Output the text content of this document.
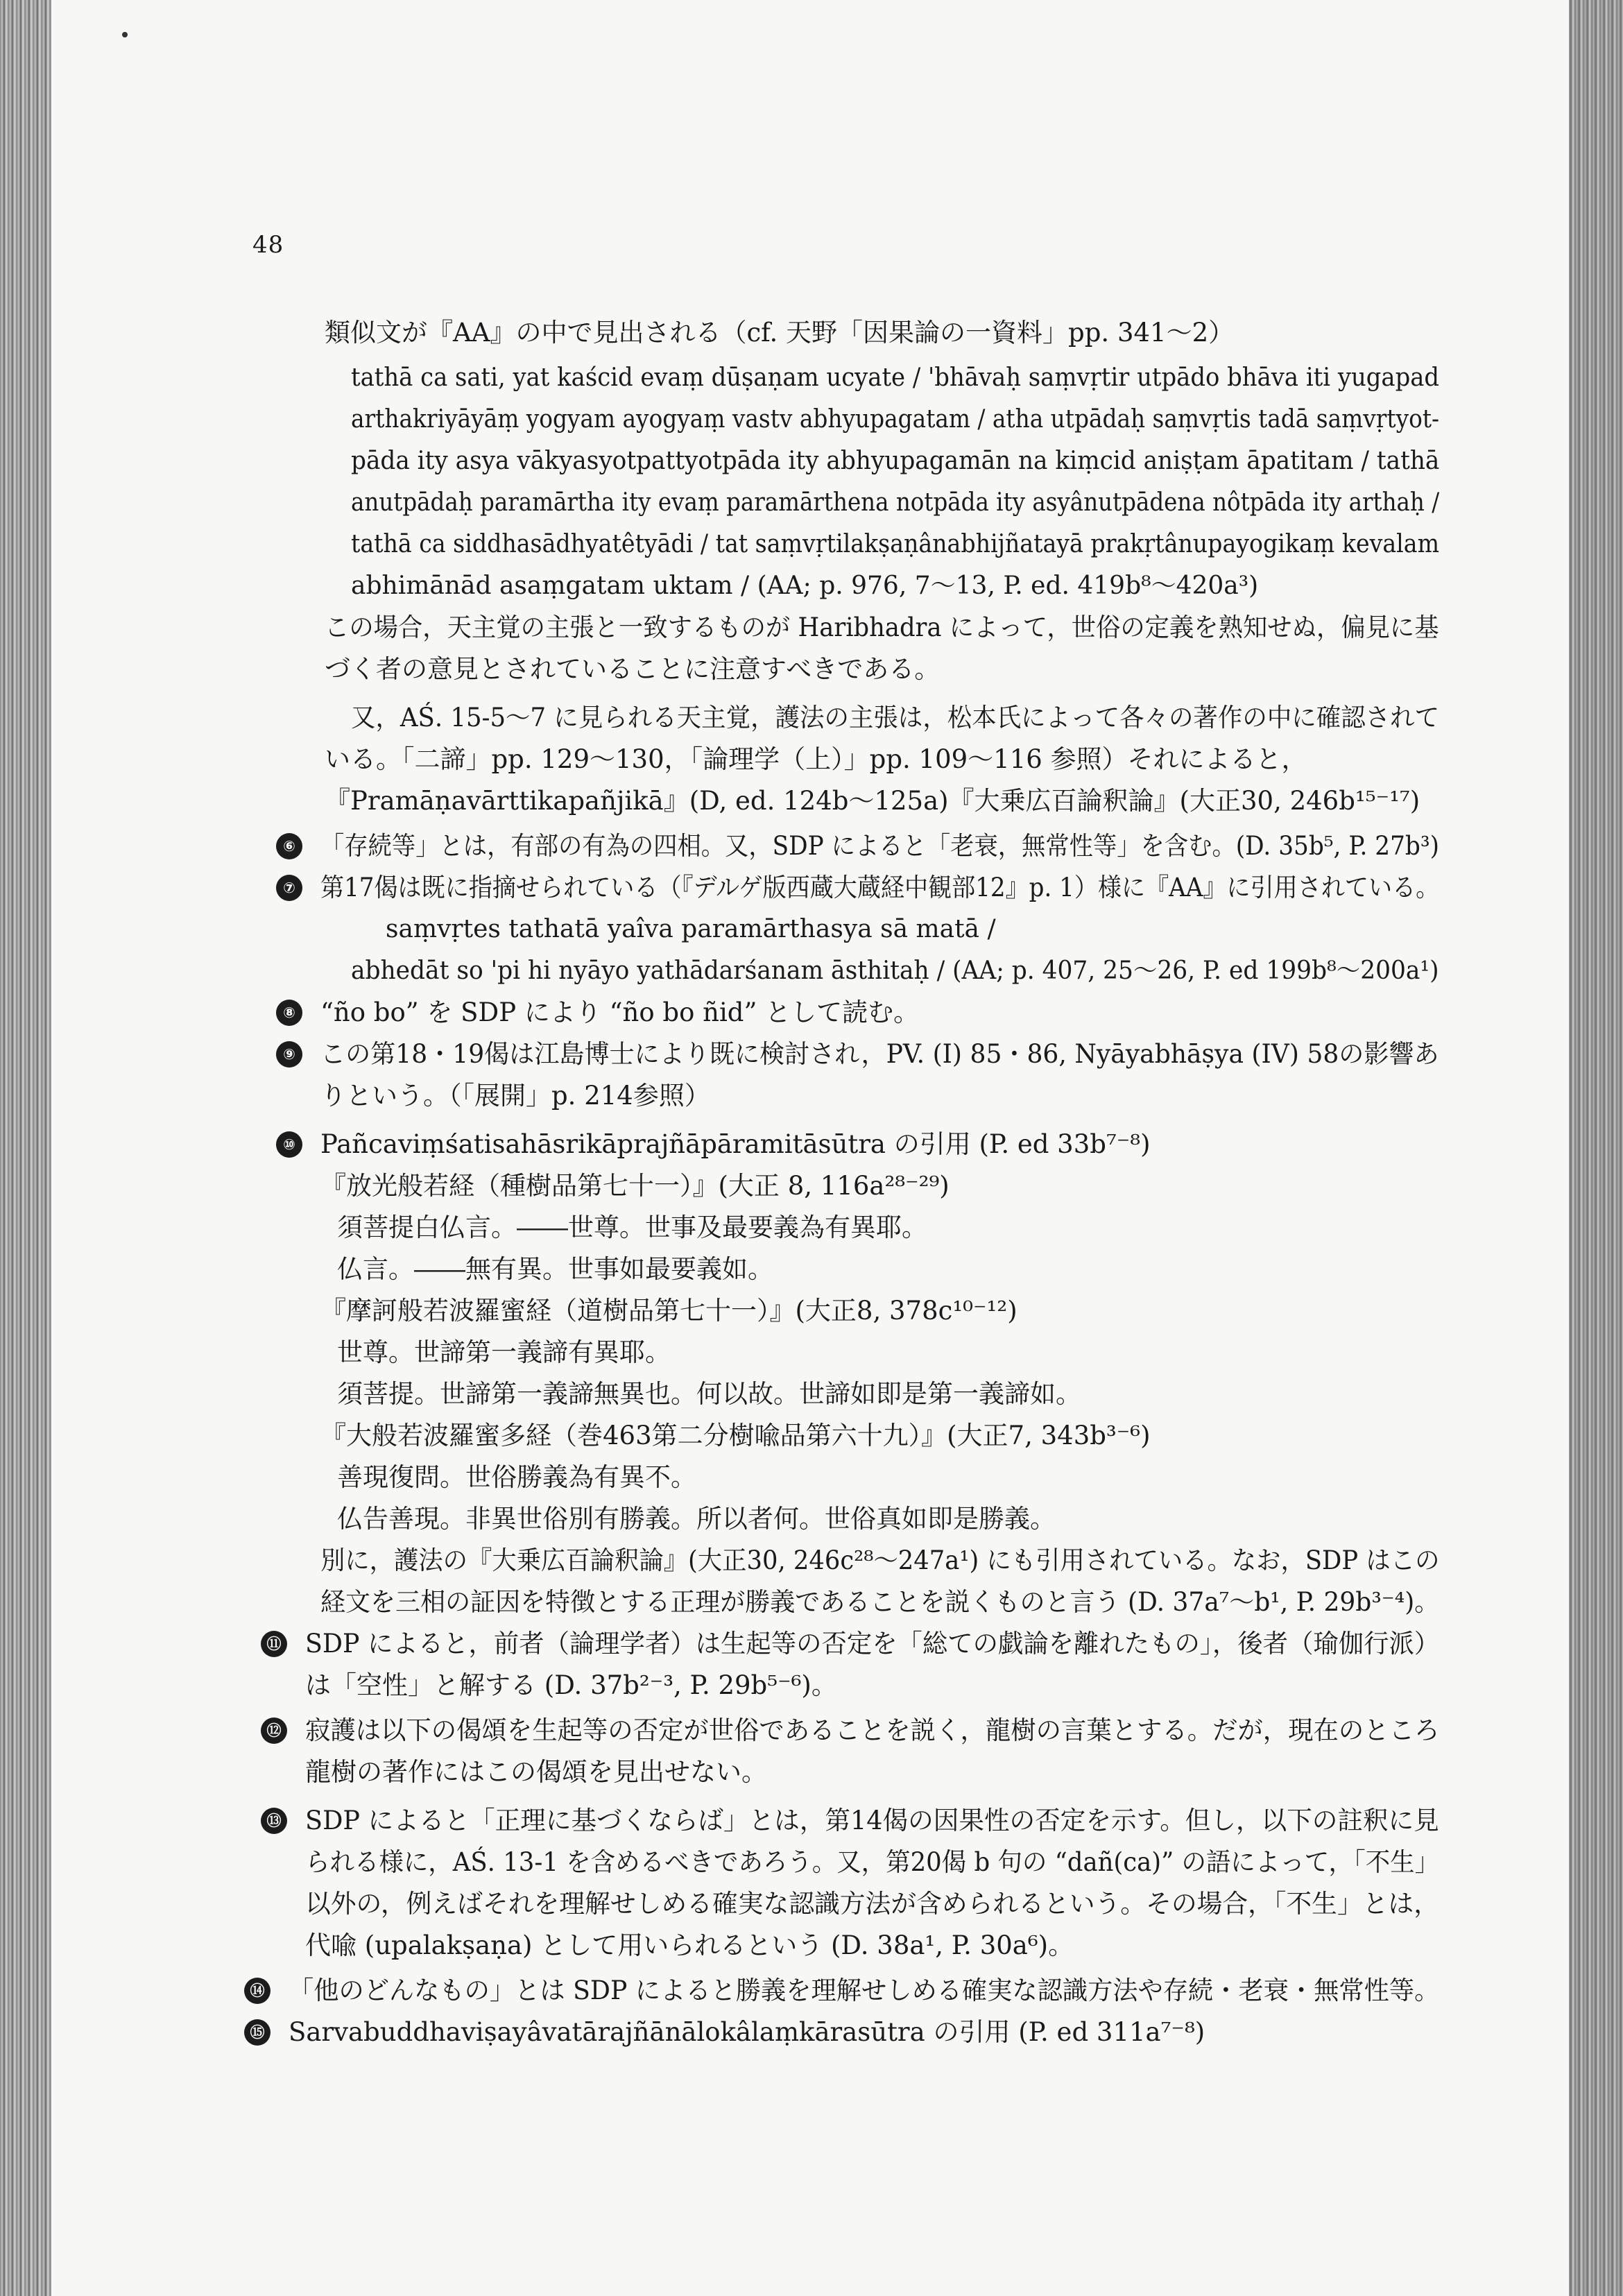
48
類似文が『AA』の中で見出される（cf. 天野「因果論の一資料」pp. 341〜2）
tathā ca sati, yat kaścid evaṃ dūṣaṇam ucyate / 'bhāvaḥ saṃvṛtir utpādo bhāva iti yugapad
arthakriyāyāṃ yogyam ayogyaṃ vastv abhyupagatam / atha utpādaḥ saṃvṛtis tadā saṃvṛtyot-
pāda ity asya vākyasyotpattyotpāda ity abhyupagamān na kiṃcid aniṣṭam āpatitam / tathā
anutpādaḥ paramārtha ity evaṃ paramārthena notpāda ity asyânutpādena nôtpāda ity arthaḥ /
tathā ca siddhasādhyatêtyādi / tat saṃvṛtilakṣaṇânabhijñatayā prakṛtânupayogikaṃ kevalam
abhimānād asaṃgatam uktam / (AA; p. 976, 7〜13, P. ed. 419b⁸〜420a³)
この場合，天主覚の主張と一致するものが Haribhadra によって，世俗の定義を熟知せぬ，偏見に基
づく者の意見とされていることに注意すべきである。
又，AŚ. 15-5〜7 に見られる天主覚，護法の主張は，松本氏によって各々の著作の中に確認されて
いる。「二諦」pp. 129〜130，「論理学（上）」pp. 109〜116 参照）それによると，
『Pramāṇavārttikapañjikā』(D, ed. 124b〜125a)『大乗広百論釈論』(大正30, 246b¹⁵⁻¹⁷)
⑥ 「存続等」とは，有部の有為の四相。又，SDP によると「老衰，無常性等」を含む。(D. 35b⁵, P. 27b³)
⑦ 第17偈は既に指摘せられている（『デルゲ版西蔵大蔵経中観部12』p. 1）様に『AA』に引用されている。
saṃvṛtes tathatā yaîva paramārthasya sā matā /
abhedāt so 'pi hi nyāyo yathādarśanam āsthitaḥ / (AA; p. 407, 25〜26, P. ed 199b⁸〜200a¹)
⑧ “ño bo” を SDP により “ño bo ñid” として読む。
⑨ この第18・19偈は江島博士により既に検討され，PV. (I) 85・86, Nyāyabhāṣya (IV) 58の影響あ
りという。（「展開」p. 214参照）
⑩ Pañcaviṃśatisahāsrikāprajñāpāramitāsūtra の引用 (P. ed 33b⁷⁻⁸)
『放光般若経（種樹品第七十一）』(大正 8, 116a²⁸⁻²⁹)
須菩提白仏言。――世尊。世事及最要義為有異耶。
仏言。――無有異。世事如最要義如。
『摩訶般若波羅蜜経（道樹品第七十一）』(大正8, 378c¹⁰⁻¹²)
世尊。世諦第一義諦有異耶。
須菩提。世諦第一義諦無異也。何以故。世諦如即是第一義諦如。
『大般若波羅蜜多経（巻463第二分樹喩品第六十九）』(大正7, 343b³⁻⁶)
善現復問。世俗勝義為有異不。
仏告善現。非異世俗別有勝義。所以者何。世俗真如即是勝義。
別に，護法の『大乗広百論釈論』(大正30, 246c²⁸〜247a¹) にも引用されている。なお，SDP はこの
経文を三相の証因を特徴とする正理が勝義であることを説くものと言う (D. 37a⁷〜b¹, P. 29b³⁻⁴)。
⑪ SDP によると，前者（論理学者）は生起等の否定を「総ての戯論を離れたもの」，後者（瑜伽行派）
は「空性」と解する (D. 37b²⁻³, P. 29b⁵⁻⁶)。
⑫ 寂護は以下の偈頌を生起等の否定が世俗であることを説く，龍樹の言葉とする。だが，現在のところ
龍樹の著作にはこの偈頌を見出せない。
⑬ SDP によると「正理に基づくならば」とは，第14偈の因果性の否定を示す。但し，以下の註釈に見
られる様に，AŚ. 13-1 を含めるべきであろう。又，第20偈 b 句の “dañ(ca)” の語によって，「不生」
以外の，例えばそれを理解せしめる確実な認識方法が含められるという。その場合，「不生」とは，
代喩 (upalakṣaṇa) として用いられるという (D. 38a¹, P. 30a⁶)。
⑭ 「他のどんなもの」とは SDP によると勝義を理解せしめる確実な認識方法や存続・老衰・無常性等。
⑮ Sarvabuddhaviṣayâvatārajñānālokâlaṃkārasūtra の引用 (P. ed 311a⁷⁻⁸)
